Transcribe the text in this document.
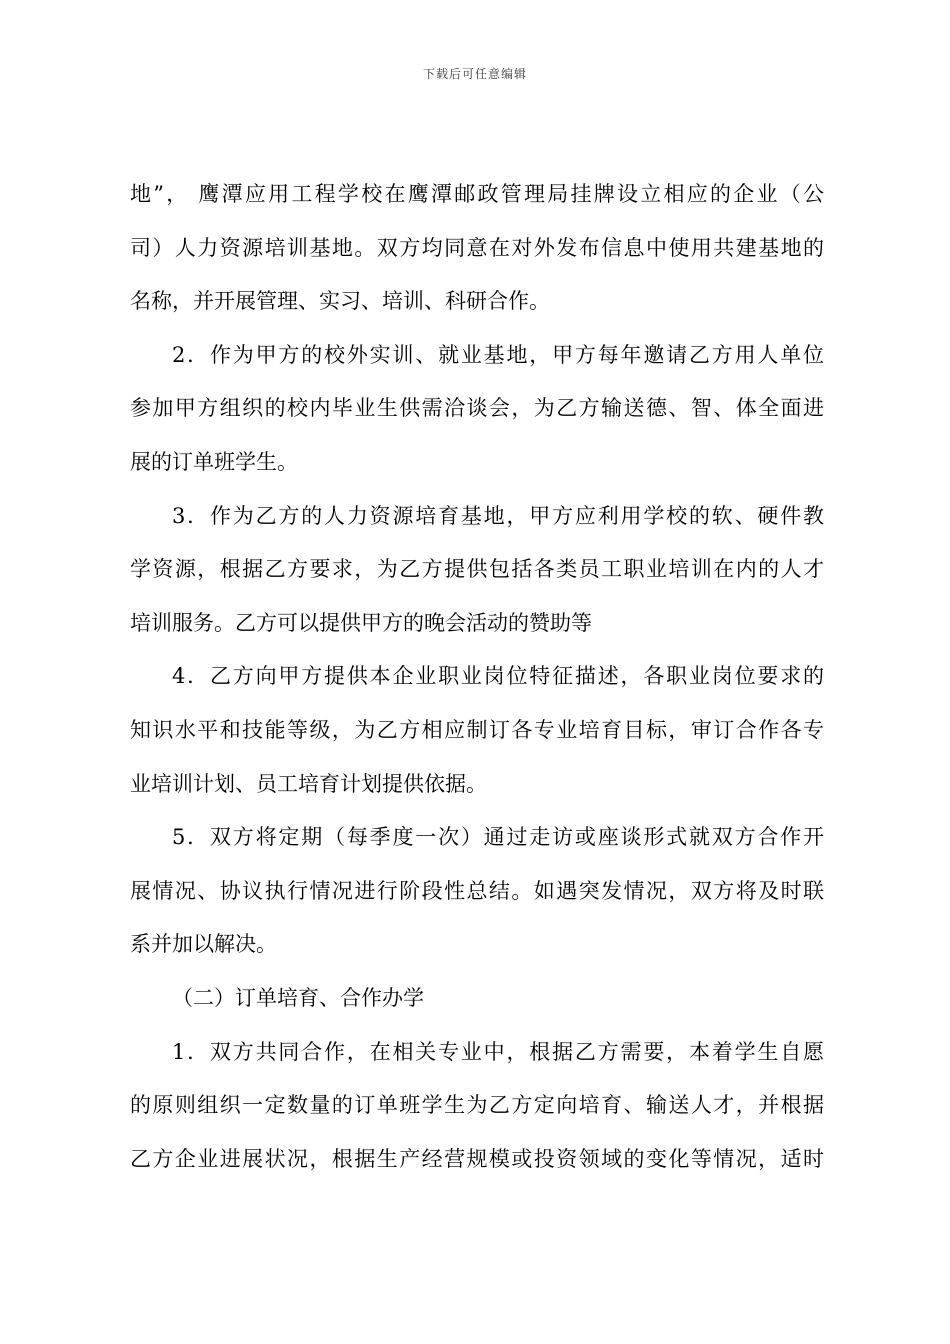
下载后可任意编辑
地”， 鹰潭应用工程学校在鹰潭邮政管理局挂牌设立相应的企业（公
司）人力资源培训基地。双方均同意在对外发布信息中使用共建基地的
名称，并开展管理、实习、培训、科研合作。
2．作为甲方的校外实训、就业基地，甲方每年邀请乙方用人单位
参加甲方组织的校内毕业生供需洽谈会，为乙方输送德、智、体全面进
展的订单班学生。
3．作为乙方的人力资源培育基地，甲方应利用学校的软、硬件教
学资源，根据乙方要求，为乙方提供包括各类员工职业培训在内的人才
培训服务。乙方可以提供甲方的晚会活动的赞助等
4．乙方向甲方提供本企业职业岗位特征描述，各职业岗位要求的
知识水平和技能等级，为乙方相应制订各专业培育目标，审订合作各专
业培训计划、员工培育计划提供依据。
5．双方将定期（每季度一次）通过走访或座谈形式就双方合作开
展情况、协议执行情况进行阶段性总结。如遇突发情况，双方将及时联
系并加以解决。
（二）订单培育、合作办学
1．双方共同合作，在相关专业中，根据乙方需要，本着学生自愿
的原则组织一定数量的订单班学生为乙方定向培育、输送人才，并根据
乙方企业进展状况，根据生产经营规模或投资领域的变化等情况，适时
